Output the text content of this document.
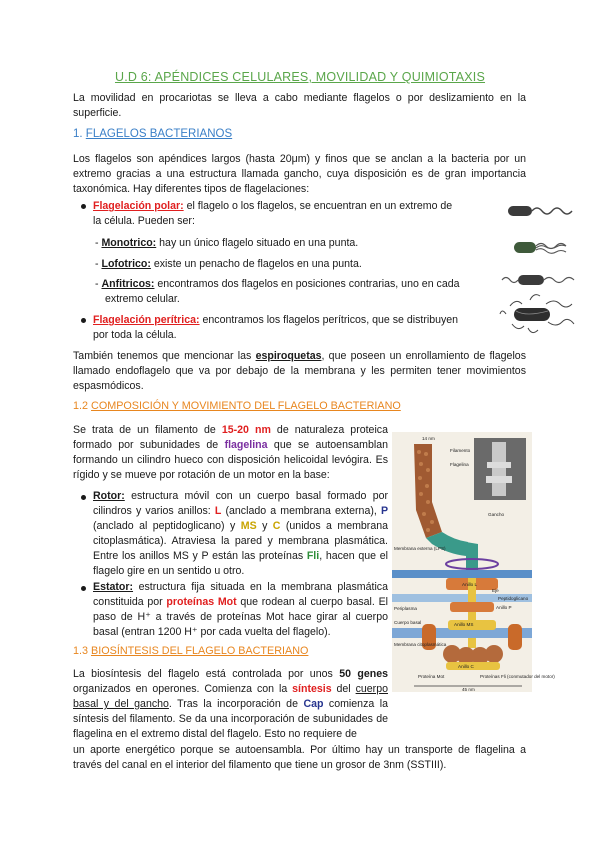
U.D 6: APÉNDICES CELULARES, MOVILIDAD Y QUIMIOTAXIS
La movilidad en procariotas se lleva a cabo mediante flagelos o por deslizamiento en la superficie.
1. FLAGELOS BACTERIANOS
Los flagelos son apéndices largos (hasta 20μm) y finos que se anclan a la bacteria por un extremo gracias a una estructura llamada gancho, cuya disposición es de gran importancia taxonómica. Hay diferentes tipos de flagelaciones:
Flagelación polar: el flagelo o los flagelos, se encuentran en un extremo de
la célula. Pueden ser:
- Monotrico: hay un único flagelo situado en una punta.
- Lofotrico: existe un penacho de flagelos en una punta.
- Anfitricos: encontramos dos flagelos en posiciones contrarias, uno en cada
extremo celular.
Flagelación perítrica: encontramos los flagelos perítricos, que se distribuyen
por toda la célula.
También tenemos que mencionar las espiroquetas, que poseen un enrollamiento de flagelos llamado endoflagelo que va por debajo de la membrana y les permiten tener movimientos espasmódicos.
1.2 COMPOSICIÓN Y MOVIMIENTO DEL FLAGELO BACTERIANO
Se trata de un filamento de 15-20 nm de naturaleza proteica formado por subunidades de flagelina que se autoensamblan formando un cilindro hueco con disposición helicoidal levógira. Es rígido y se mueve por rotación de un motor en la base:
Rotor: estructura móvil con un cuerpo basal formado por cilindros y varios anillos: L (anclado a membrana externa), P (anclado al peptidoglicano) y MS y C (unidos a membrana citoplasmática). Atraviesa la pared y membrana plasmática. Entre los anillos MS y P están las proteínas Fli, hacen que el flagelo gire en un sentido u otro.
Estator: estructura fija situada en la membrana plasmática constituida por proteínas Mot que rodean al cuerpo basal. El paso de H⁺ a través de proteínas Mot hace girar al cuerpo basal (entran 1200 H⁺ por cada vuelta del flagelo).
1.3 BIOSÍNTESIS DEL FLAGELO BACTERIANO
La biosíntesis del flagelo está controlada por unos 50 genes organizados en operones. Comienza con la síntesis del cuerpo basal y del gancho. Tras la incorporación de Cap comienza la síntesis del filamento. Se da una incorporación de subunidades de flagelina en el extremo distal del flagelo. Esto no requiere de
un aporte energético porque se autoensambla. Por último hay un transporte de flagelina a través del canal en el interior del filamento que tiene un grosor de 3nm (SSTIII).
14 nm
Filamento
Flagelina
Gancho
Membrana externa (LPS)
Anillo L
Eje
Peptidoglicano
Periplasma	Anillo P
Anillo MS
Cuerpo basal
Membrana citoplasmática
Anillo C
Proteína Mot	Proteínas Fli (conmutador del motor)
45 nm
